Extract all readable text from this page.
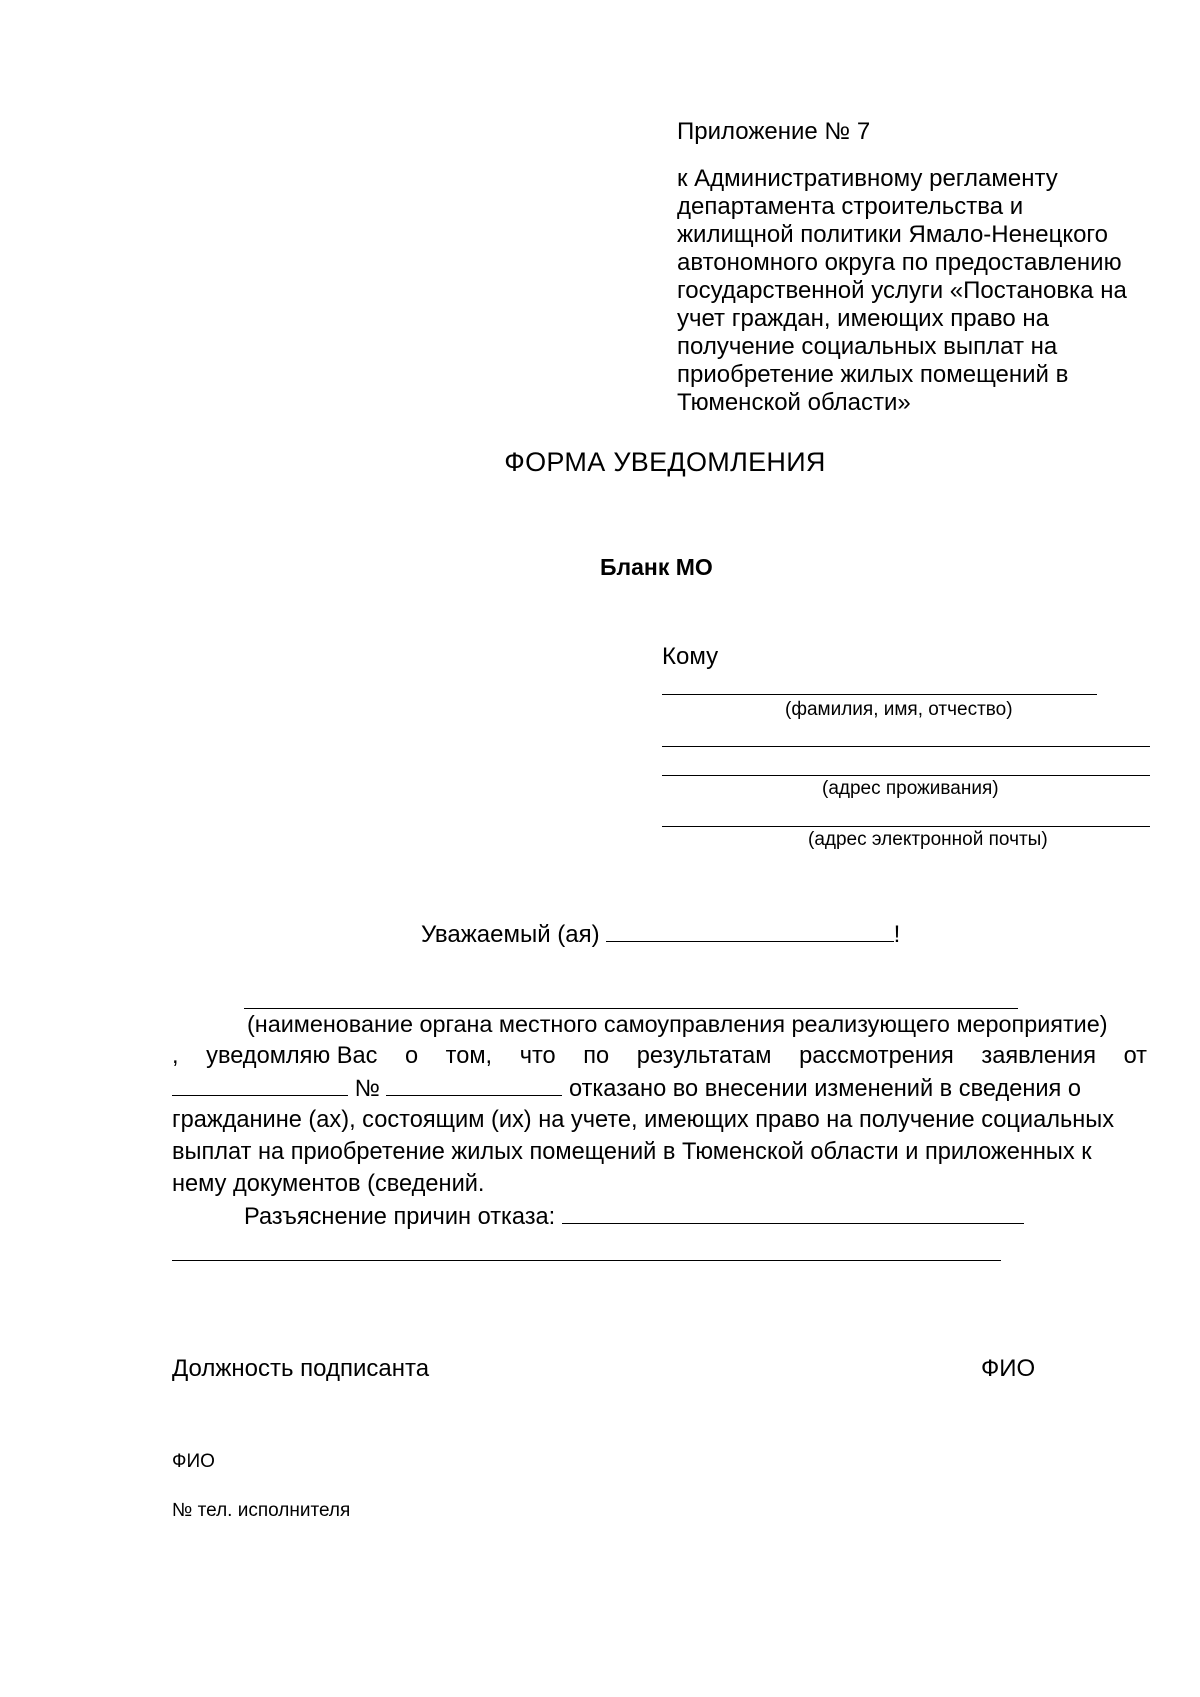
Приложение № 7
к Административному регламенту
департамента строительства и
жилищной политики Ямало-Ненецкого
автономного округа по предоставлению
государственной услуги «Постановка на
учет граждан, имеющих право на
получение социальных выплат на
приобретение жилых помещений в
Тюменской области»
ФОРМА УВЕДОМЛЕНИЯ
Бланк МО
Кому
(фамилия, имя, отчество)
(адрес проживания)
(адрес электронной почты)
Уважаемый (ая)	!
(наименование органа местного самоуправления реализующего мероприятие)
, уведомляю Вас о том, что по результатам рассмотрения заявления от
№	отказано во внесении изменений в сведения о
гражданине (ах), состоящим (их) на учете, имеющих право на получение социальных
выплат на приобретение жилых помещений в Тюменской области и приложенных к
нему документов (сведений.
Разъяснение причин отказа:
Должность подписанта	ФИО
ФИО
№ тел. исполнителя
